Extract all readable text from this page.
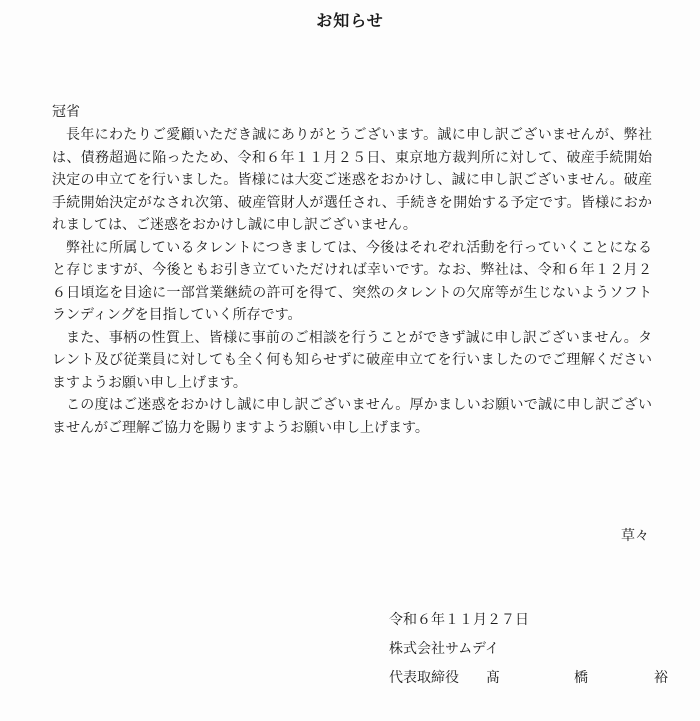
お知らせ
冠省

長年にわたりご愛顧いただき誠にありがとうございます。誠に申し訳ございませんが、弊社は、債務超過に陥ったため、令和６年１１月２５日、東京地方裁判所に対して、破産手続開始決定の申立てを行いました。皆様には大変ご迷惑をおかけし、誠に申し訳ございません。破産手続開始決定がなされ次第、破産管財人が選任され、手続きを開始する予定です。皆様におかれましては、ご迷惑をおかけし誠に申し訳ございません。

弊社に所属しているタレントにつきましては、今後はそれぞれ活動を行っていくことになると存じますが、今後ともお引き立ていただければ幸いです。なお、弊社は、令和６年１２月２６日頃迄を目途に一部営業継続の許可を得て、突然のタレントの欠席等が生じないようソフトランディングを目指していく所存です。

また、事柄の性質上、皆様に事前のご相談を行うことができず誠に申し訳ございません。タレント及び従業員に対しても全く何も知らせずに破産申立てを行いましたのでご理解くださいますようお願い申し上げます。

この度はご迷惑をおかけし誠に申し訳ございません。厚かましいお願いで誠に申し訳ございませんがご理解ご協力を賜りますようお願い申し上げます。

草々
令和６年１１月２７日
株式会社サムデイ
代表取締役 髙	橋	裕
